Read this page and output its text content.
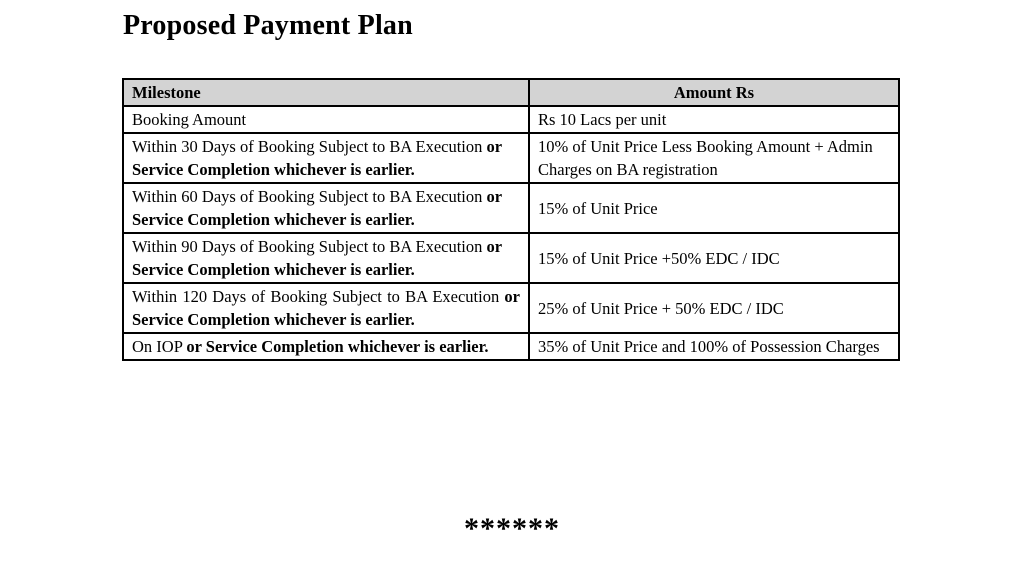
Proposed Payment Plan
Milestone	Amount Rs
Booking Amount	Rs 10 Lacs per unit
Within 30 Days of Booking Subject to BA Execution or Service Completion whichever is earlier.	10% of Unit Price Less Booking Amount + Admin Charges on BA registration
Within 60 Days of Booking Subject to BA Execution or Service Completion whichever is earlier.	15% of Unit Price
Within 90 Days of Booking Subject to BA Execution or Service Completion whichever is earlier.	15% of Unit Price +50% EDC / IDC
Within 120 Days of Booking Subject to BA Execution or Service Completion whichever is earlier.	25% of Unit Price + 50% EDC / IDC
On IOP or Service Completion whichever is earlier.	35% of Unit Price and 100% of Possession Charges
******
